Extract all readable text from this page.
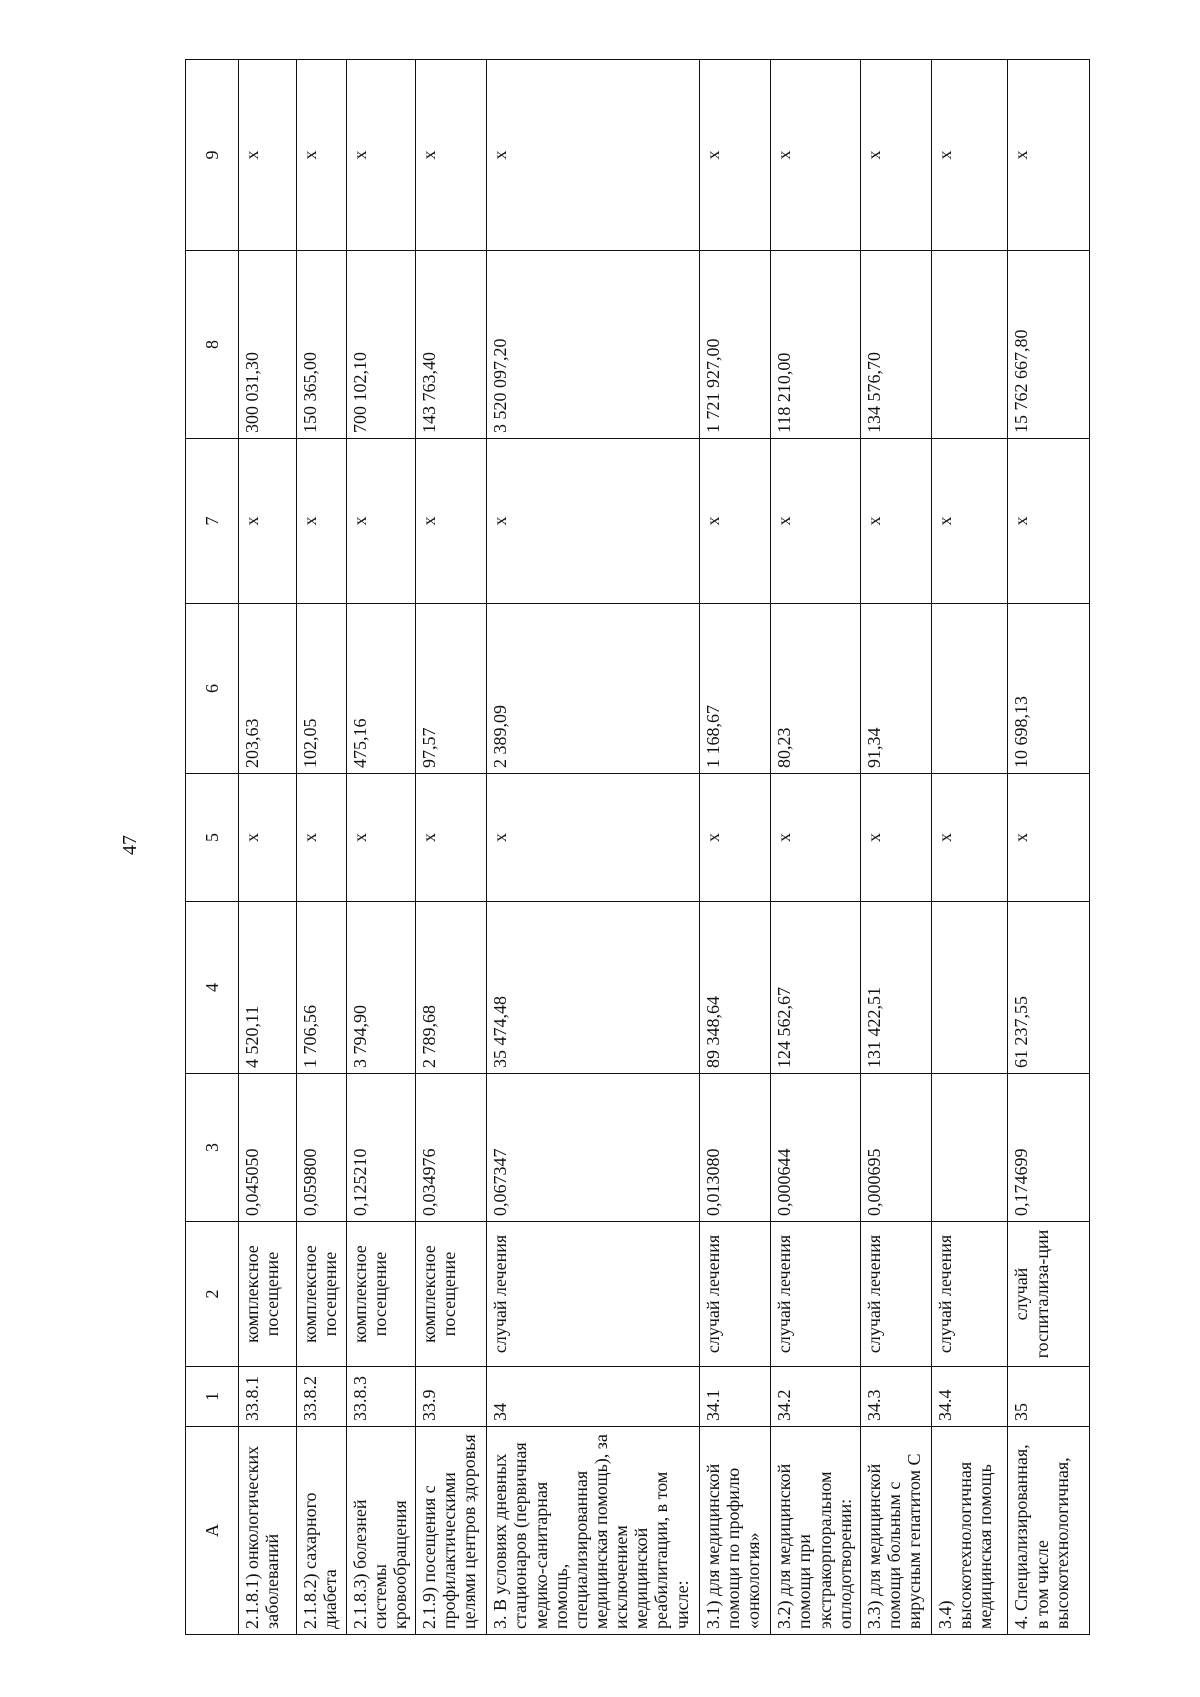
47
А	1	2	3	4	5	6	7	8	9
2.1.8.1) онкологических заболеваний	33.8.1	комплексное посещение	0,045050	4 520,11	х	203,63	х	300 031,30	х
2.1.8.2) сахарного диабета	33.8.2	комплексное посещение	0,059800	1 706,56	х	102,05	х	150 365,00	х
2.1.8.3) болезней системы кровообращения	33.8.3	комплексное посещение	0,125210	3 794,90	х	475,16	х	700 102,10	х
2.1.9) посещения с профилактическими целями центров здоровья	33.9	комплексное посещение	0,034976	2 789,68	х	97,57	х	143 763,40	х
3. В условиях дневных стационаров (первичная медико-санитарная помощь, специализированная медицинская помощь), за исключением медицинской реабилитации, в том числе:	34	случай лечения	0,067347	35 474,48	х	2 389,09	х	3 520 097,20	х
3.1) для медицинской помощи по профилю «онкология»	34.1	случай лечения	0,013080	89 348,64	х	1 168,67	х	1 721 927,00	х
3.2) для медицинской помощи при экстракорпоральном оплодотворении:	34.2	случай лечения	0,000644	124 562,67	х	80,23	х	118 210,00	х
3.3) для медицинской помощи больным с вирусным гепатитом С	34.3	случай лечения	0,000695	131 422,51	х	91,34	х	134 576,70	х
3.4) высокотехнологичная медицинская помощь	34.4	случай лечения			х		х		х
4. Специализированная, в том числе высокотехнологичная,	35	случай госпитализа-ции	0,174699	61 237,55	х	10 698,13	х	15 762 667,80	х
